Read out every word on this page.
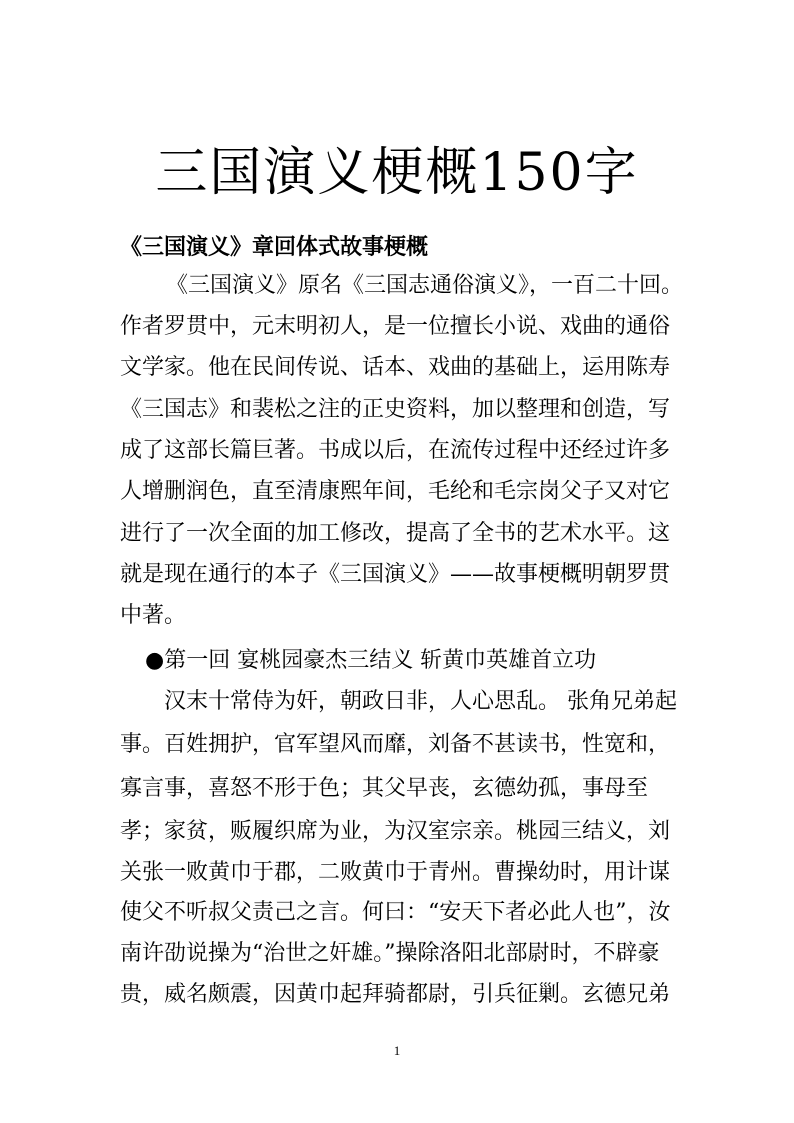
三国演义梗概150字
《三国演义》章回体式故事梗概
《三国演义》原名《三国志通俗演义》，一百二十回。
作者罗贯中，元末明初人，是一位擅长小说、戏曲的通俗
文学家。他在民间传说、话本、戏曲的基础上，运用陈寿
《三国志》和裴松之注的正史资料，加以整理和创造，写
成了这部长篇巨著。书成以后，在流传过程中还经过许多
人增删润色，直至清康熙年间，毛纶和毛宗岗父子又对它
进行了一次全面的加工修改，提高了全书的艺术水平。这
就是现在通行的本子《三国演义》——故事梗概明朝罗贯
中著。
●第一回 宴桃园豪杰三结义 斩黄巾英雄首立功
汉末十常侍为奸，朝政日非，人心思乱。 张角兄弟起
事。百姓拥护，官军望风而靡，刘备不甚读书，性宽和，
寡言事，喜怒不形于色；其父早丧，玄德幼孤，事母至
孝；家贫，贩履织席为业，为汉室宗亲。桃园三结义，刘
关张一败黄巾于郡，二败黄巾于青州。曹操幼时，用计谋
使父不听叔父责己之言。何曰：“安天下者必此人也”，汝
南许劭说操为“治世之奸雄。”操除洛阳北部尉时，不辟豪
贵，威名颇震，因黄巾起拜骑都尉，引兵征剿。玄德兄弟
1
